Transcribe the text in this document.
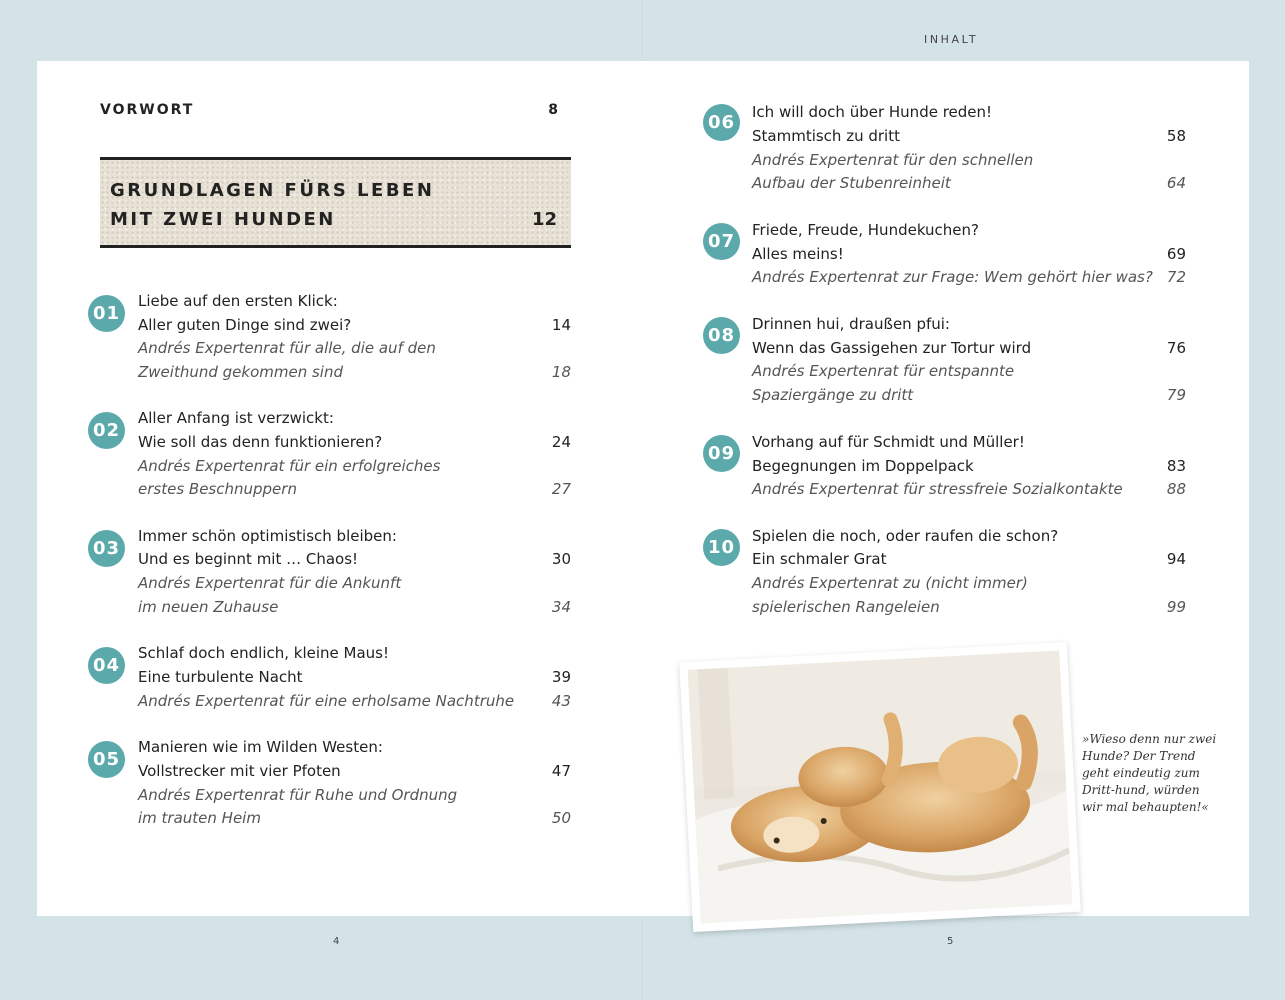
INHALT
VORWORT	8
GRUNDLAGEN FÜRS LEBEN
MIT ZWEI HUNDEN	12
01
Liebe auf den ersten Klick:
Aller guten Dinge sind zwei?	14
Andrés Expertenrat für alle, die auf den
Zweithund gekommen sind	18
02
Aller Anfang ist verzwickt:
Wie soll das denn funktionieren?	24
Andrés Expertenrat für ein erfolgreiches
erstes Beschnuppern	27
03
Immer schön optimistisch bleiben:
Und es beginnt mit … Chaos!	30
Andrés Expertenrat für die Ankunft
im neuen Zuhause	34
04
Schlaf doch endlich, kleine Maus!
Eine turbulente Nacht	39
Andrés Expertenrat für eine erholsame Nachtruhe	43
05
Manieren wie im Wilden Westen:
Vollstrecker mit vier Pfoten	47
Andrés Expertenrat für Ruhe und Ordnung
im trauten Heim	50
06	Ich will doch über Hunde reden!
Stammtisch zu dritt	58
Andrés Expertenrat für den schnellen
Aufbau der Stubenreinheit	64
07
Friede, Freude, Hundekuchen?
Alles meins!	69
Andrés Expertenrat zur Frage: Wem gehört hier was? 72
08
Drinnen hui, draußen pfui:
Wenn das Gassigehen zur Tortur wird	76
Andrés Expertenrat für entspannte
Spaziergänge zu dritt	79
09
Vorhang auf für Schmidt und Müller!
Begegnungen im Doppelpack	83
Andrés Expertenrat für stressfreie Sozialkontakte	88
10
Spielen die noch, oder raufen die schon?
Ein schmaler Grat	94
Andrés Expertenrat zu (nicht immer)
spielerischen Rangeleien	99
»Wieso denn nur zwei Hunde? Der Trend geht eindeutig zum Dritt-hund, würden wir mal behaupten!«
4	5
